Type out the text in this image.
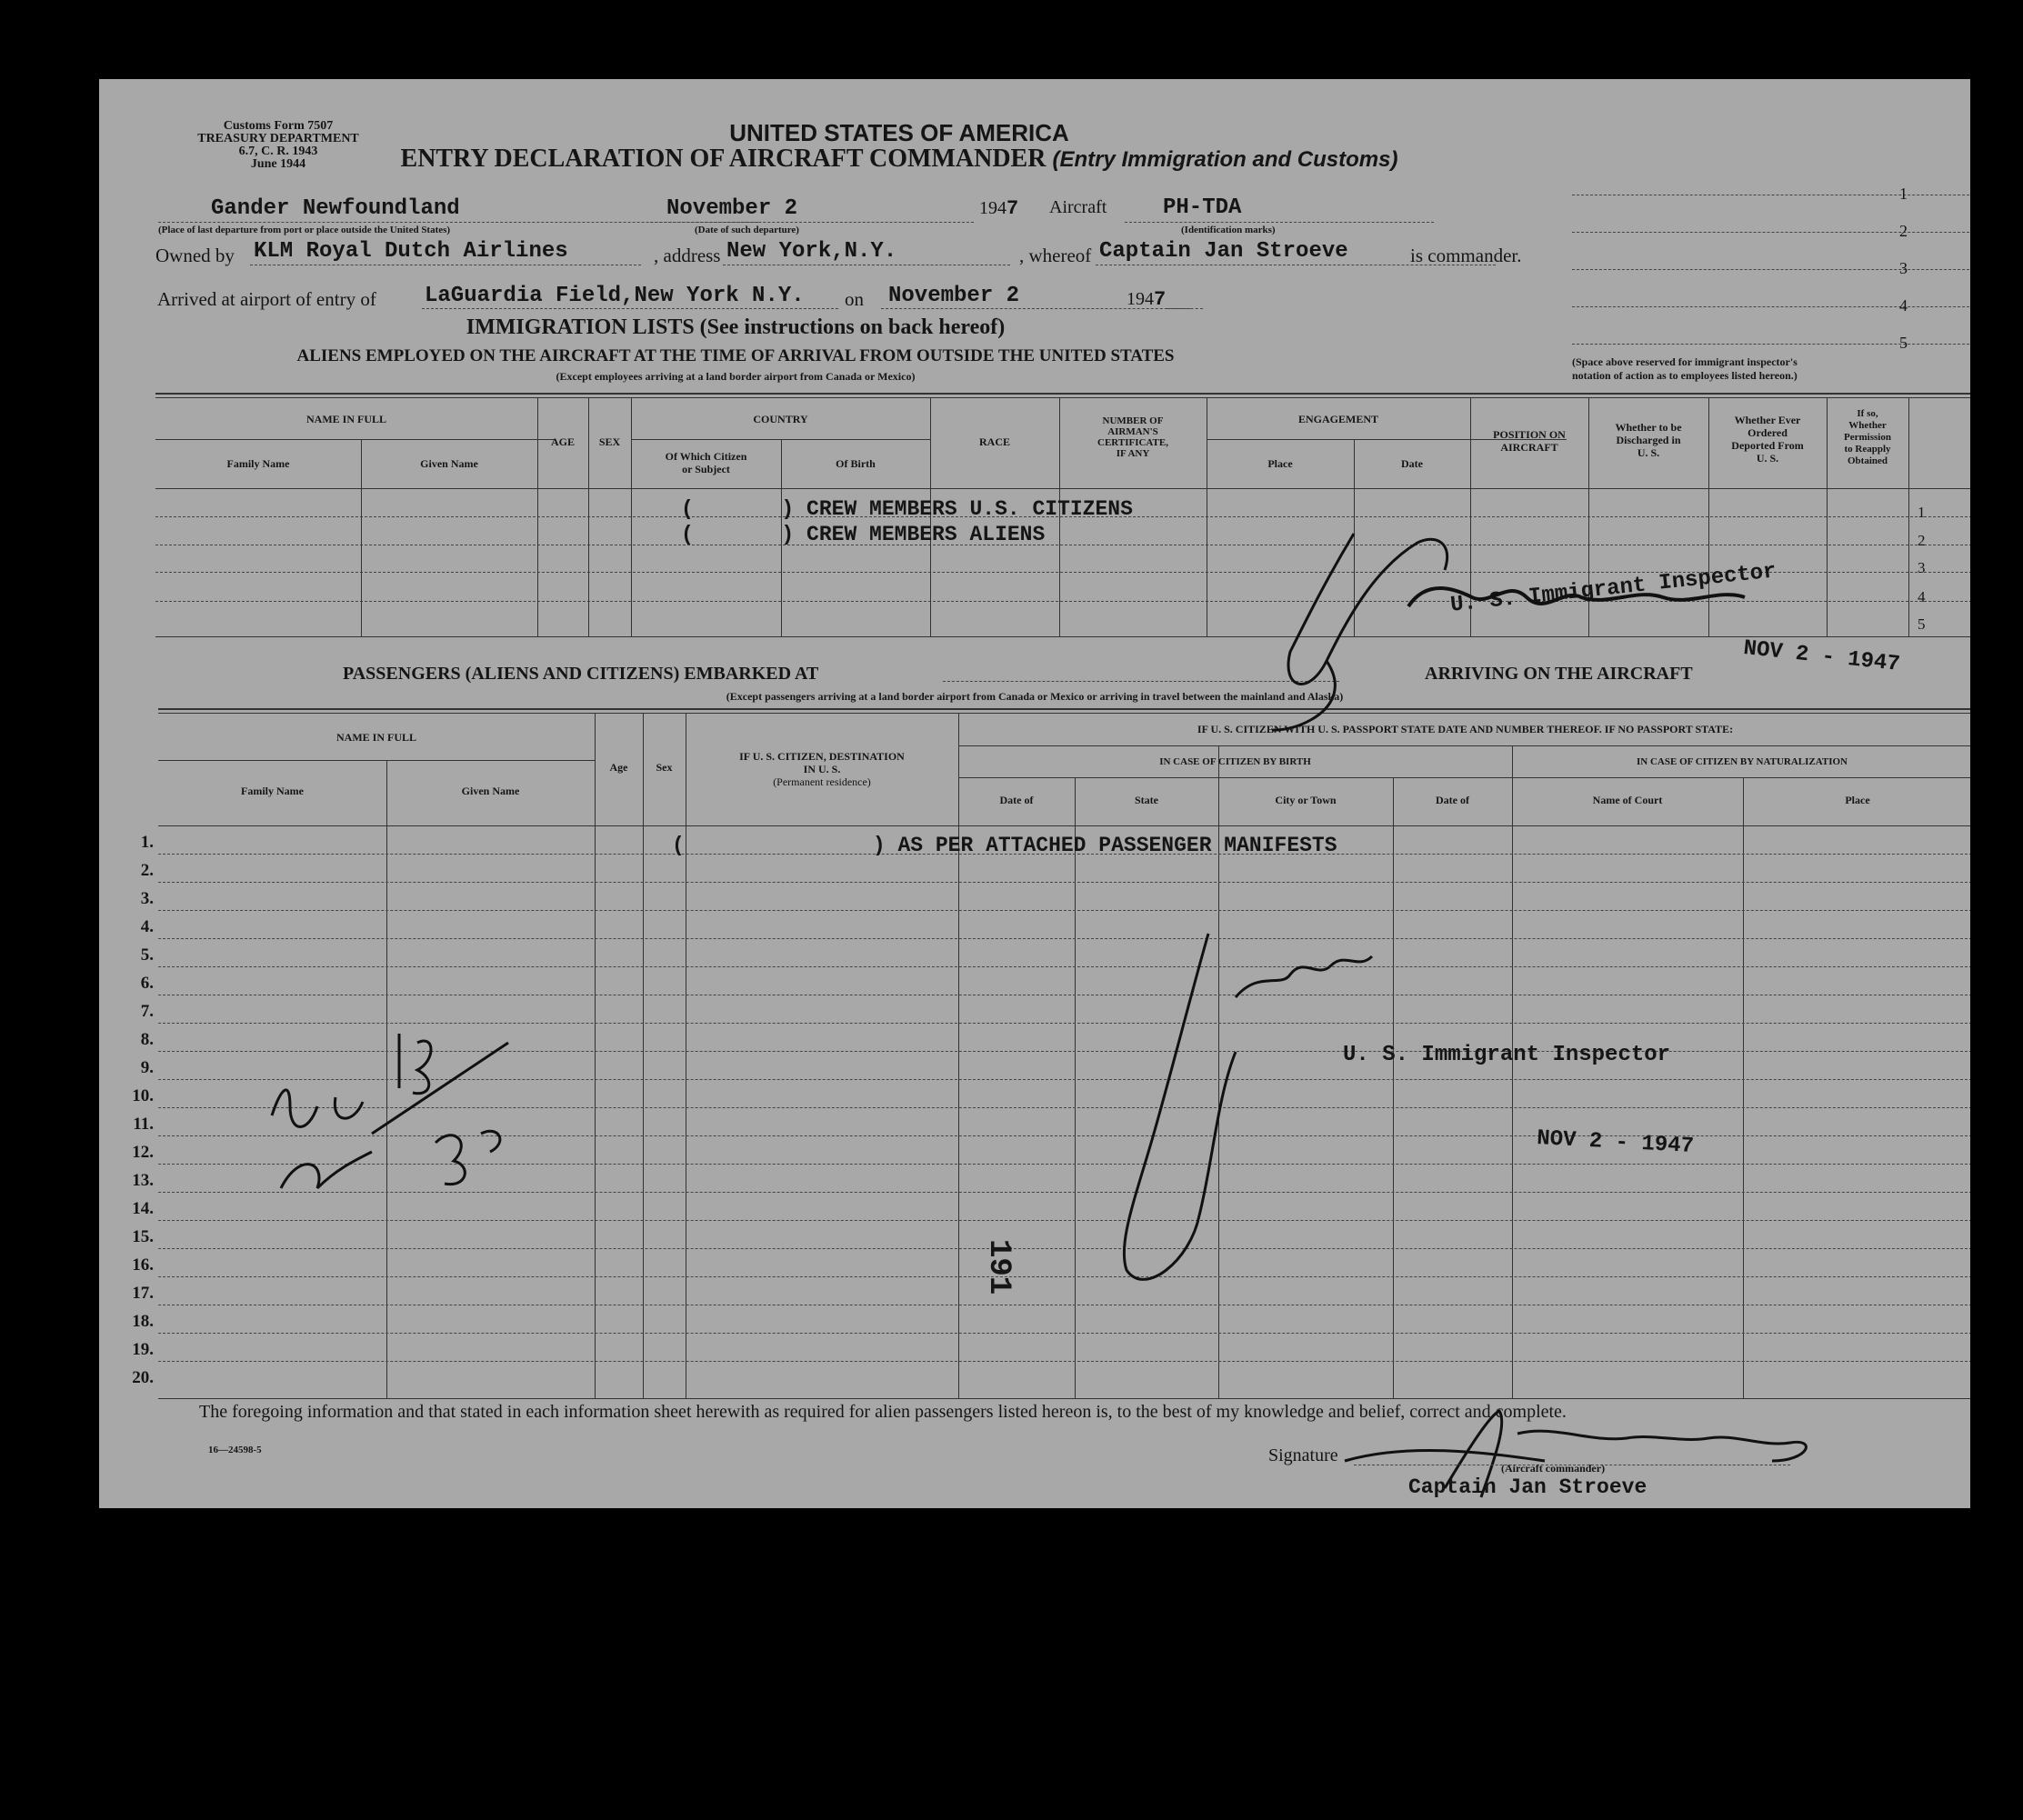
Customs Form 7507
TREASURY DEPARTMENT
6.7, C. R. 1943
June 1944
UNITED STATES OF AMERICA
ENTRY DECLARATION OF AIRCRAFT COMMANDER (Entry Immigration and Customs)
1
2
3
4
5
(Space above reserved for immigrant inspector's
notation of action as to employees listed hereon.)
Gander Newfoundland
(Place of last departure from port or place outside the United States)
November 2
(Date of such departure)
1947 Aircraft	PH-TDA
(Identification marks)
Owned by KLM Royal Dutch Airlines	, address New York,N.Y.	, whereof Captain Jan Stroeve	is commander.
Arrived at airport of entry of LaGuardia Field,New York N.Y. on November 2	1947
IMMIGRATION LISTS (See instructions on back hereof)
ALIENS EMPLOYED ON THE AIRCRAFT AT THE TIME OF ARRIVAL FROM OUTSIDE THE UNITED STATES
(Except employees arriving at a land border airport from Canada or Mexico)
NAME IN FULL
Family Name	Given Name
AGE	SEX
COUNTRY
Of Which Citizen
or Subject	Of Birth
RACE
NUMBER OF
AIRMAN'S
CERTIFICATE,
IF ANY
ENGAGEMENT
Place	Date
POSITION ON
AIRCRAFT
Whether to be
Discharged in
U. S.
Whether Ever
Ordered
Deported From
U. S.
If so,
Whether
Permission
to Reapply
Obtained
1
2
3
4
5
(       ) CREW MEMBERS U.S. CITIZENS
(       ) CREW MEMBERS ALIENS
PASSENGERS (ALIENS AND CITIZENS) EMBARKED AT	ARRIVING ON THE AIRCRAFT
(Except passengers arriving at a land border airport from Canada or Mexico or arriving in travel between the mainland and Alaska)
NAME IN FULL
Family Name	Given Name
Age	Sex
IF U. S. CITIZEN, DESTINATION
IN U. S.
(Permanent residence)
IF U. S. CITIZEN WITH U. S. PASSPORT STATE DATE AND NUMBER THEREOF. IF NO PASSPORT STATE:
IN CASE OF CITIZEN BY BIRTH	IN CASE OF CITIZEN BY NATURALIZATION
Date of	State	City or Town	Date of	Name of Court	Place
1.
2.
3.
4.
5.
6.
7.
8.
9.
10.
11.
12.
13.
14.
15.
16.
17.
18.
19.
20.
(               ) AS PER ATTACHED PASSENGER MANIFESTS
U. S. Immigrant Inspector
NOV 2 - 1947
U. S. Immigrant Inspector
NOV 2 - 1947
191
The foregoing information and that stated in each information sheet herewith as required for alien passengers listed hereon is, to the best of my knowledge and belief, correct and complete.
16—24598-5	Signature
(Aircraft commander)
Captain Jan Stroeve
